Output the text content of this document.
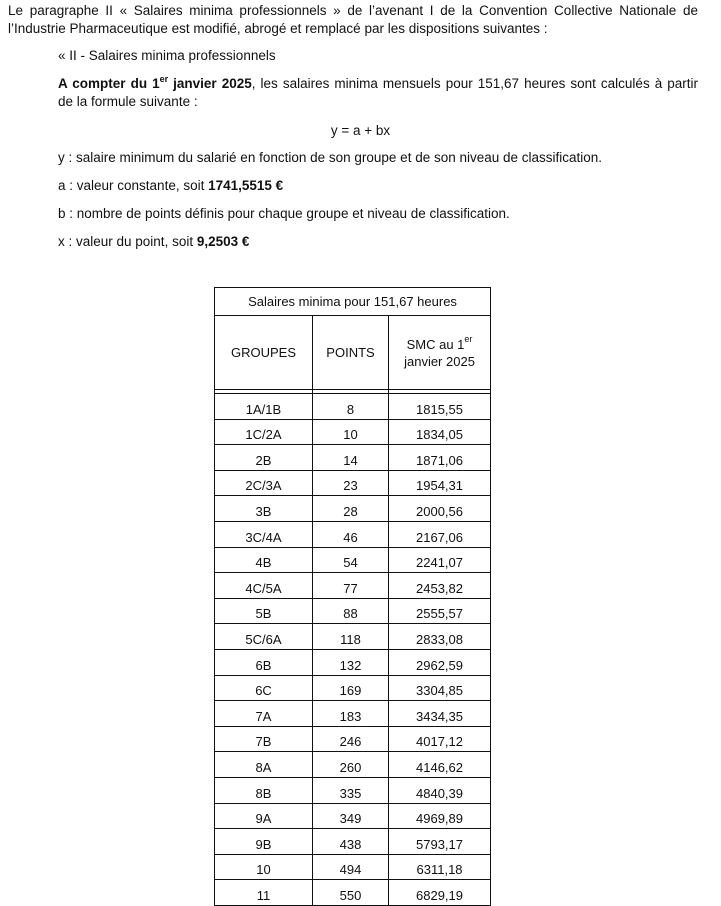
Le paragraphe II « Salaires minima professionnels » de l’avenant I de la Convention Collective Nationale de
l’Industrie Pharmaceutique est modifié, abrogé et remplacé par les dispositions suivantes :
« II - Salaires minima professionnels
A compter du 1er janvier 2025, les salaires minima mensuels pour 151,67 heures sont calculés à partir
de la formule suivante :
y = a + bx
y : salaire minimum du salarié en fonction de son groupe et de son niveau de classification.
a : valeur constante, soit 1741,5515 €
b : nombre de points définis pour chaque groupe et niveau de classification.
x : valeur du point, soit 9,2503 €
Salaires minima pour 151,67 heures		
GROUPES	POINTS	SMC au 1er
janvier 2025

1A/1B	8	1815,55
1C/2A	10	1834,05
2B	14	1871,06
2C/3A	23	1954,31
3B	28	2000,56
3C/4A	46	2167,06
4B	54	2241,07
4C/5A	77	2453,82
5B	88	2555,57
5C/6A	118	2833,08
6B	132	2962,59
6C	169	3304,85
7A	183	3434,35
7B	246	4017,12
8A	260	4146,62
8B	335	4840,39
9A	349	4969,89
9B	438	5793,17
10	494	6311,18
11	550	6829,19
